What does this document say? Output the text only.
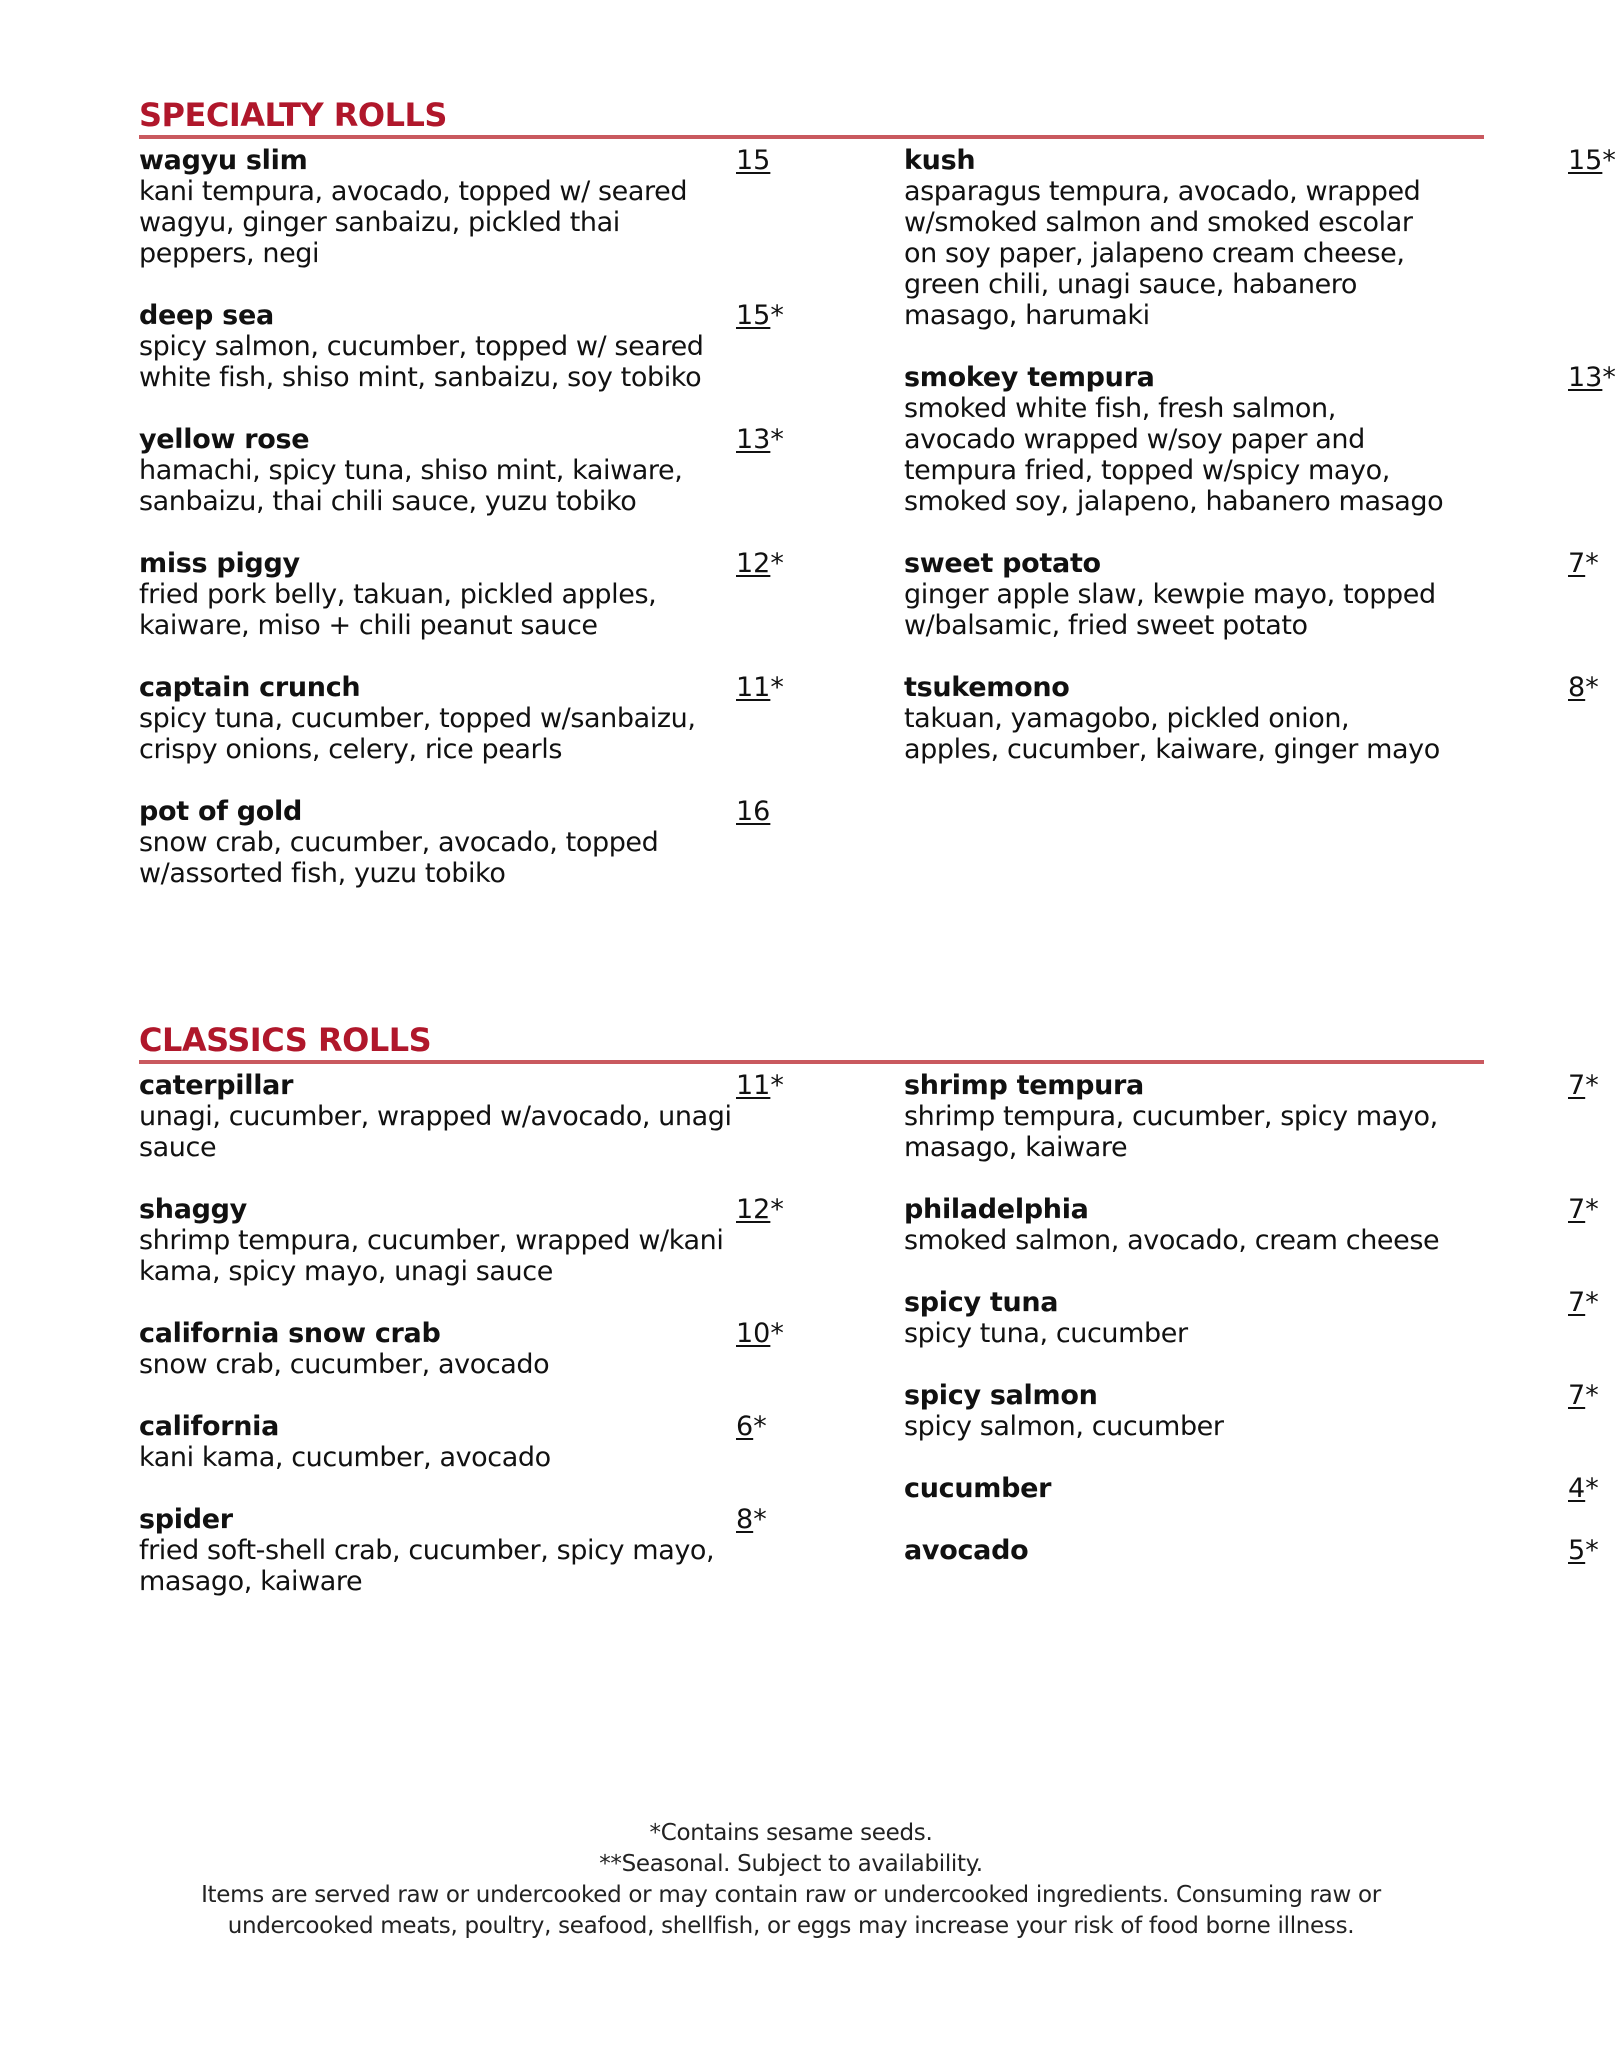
SPECIALTY ROLLS
wagyu slim	15
kani tempura, avocado, topped w/ seared wagyu, ginger sanbaizu, pickled thai peppers, negi
deep sea	15*
spicy salmon, cucumber, topped w/ seared white fish, shiso mint, sanbaizu, soy tobiko
yellow rose	13*
hamachi, spicy tuna, shiso mint, kaiware, sanbaizu, thai chili sauce, yuzu tobiko
miss piggy	12*
fried pork belly, takuan, pickled apples, kaiware, miso + chili peanut sauce
captain crunch	11*
spicy tuna, cucumber, topped w/sanbaizu, crispy onions, celery, rice pearls
pot of gold	16
snow crab, cucumber, avocado, topped w/assorted fish, yuzu tobiko
kush	15*
asparagus tempura, avocado, wrapped w/smoked salmon and smoked escolar on soy paper, jalapeno cream cheese, green chili, unagi sauce, habanero masago, harumaki
smokey tempura	13*
smoked white fish, fresh salmon, avocado wrapped w/soy paper and tempura fried, topped w/spicy mayo, smoked soy, jalapeno, habanero masago
sweet potato	7*
ginger apple slaw, kewpie mayo, topped w/balsamic, fried sweet potato
tsukemono	8*
takuan, yamagobo, pickled onion, apples, cucumber, kaiware, ginger mayo
CLASSICS ROLLS
caterpillar	11*
unagi, cucumber, wrapped w/avocado, unagi sauce
shaggy	12*
shrimp tempura, cucumber, wrapped w/kani kama, spicy mayo, unagi sauce
california snow crab	10*
snow crab, cucumber, avocado
california	6*
kani kama, cucumber, avocado
spider	8*
fried soft-shell crab, cucumber, spicy mayo, masago, kaiware
shrimp tempura	7*
shrimp tempura, cucumber, spicy mayo, masago, kaiware
philadelphia	7*
smoked salmon, avocado, cream cheese
spicy tuna	7*
spicy tuna, cucumber
spicy salmon	7*
spicy salmon, cucumber
cucumber	4*
avocado	5*
*Contains sesame seeds.
**Seasonal. Subject to availability.
Items are served raw or undercooked or may contain raw or undercooked ingredients. Consuming raw or undercooked meats, poultry, seafood, shellfish, or eggs may increase your risk of food borne illness.
